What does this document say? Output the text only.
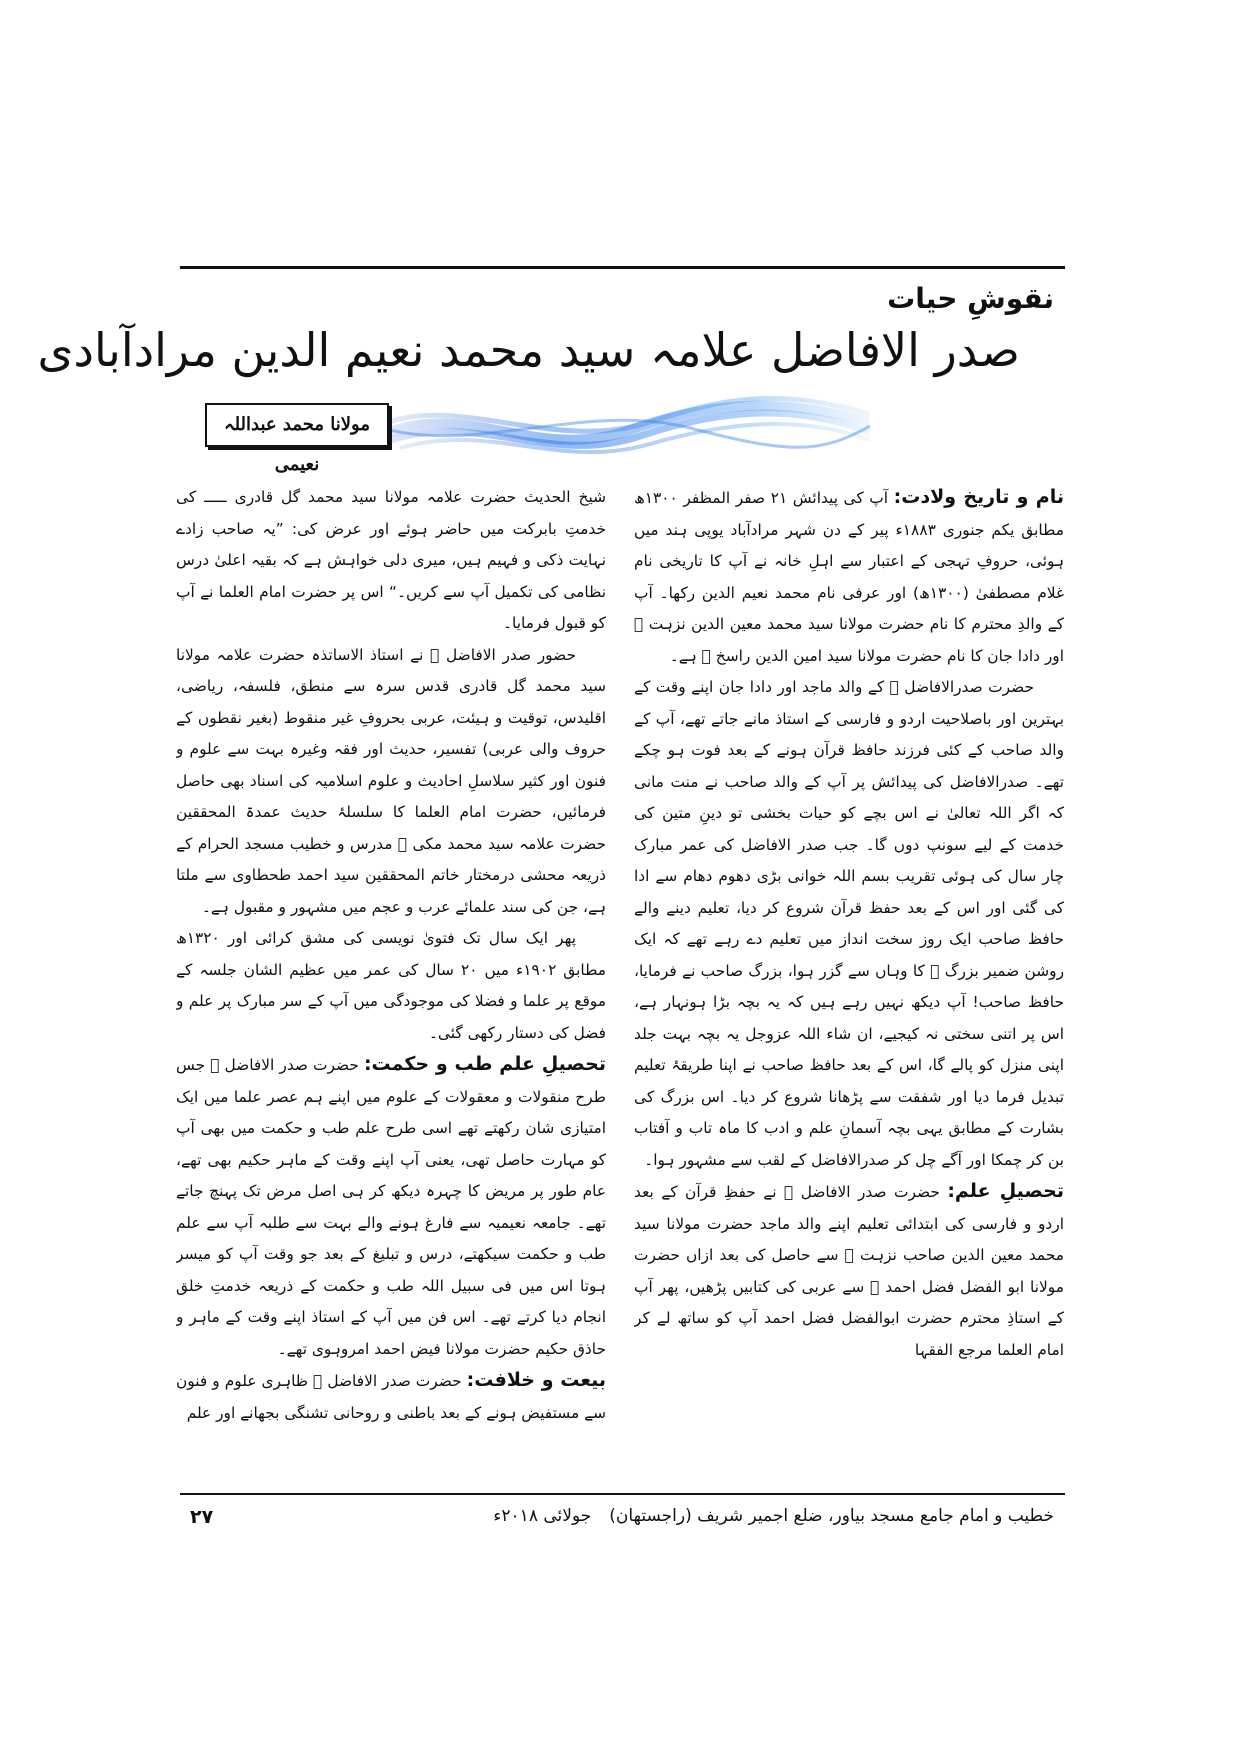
نقوشِ حیات
صدر الافاضل علامہ سید محمد نعیم الدین مرادآبادی
مولانا محمد عبداللہ نعیمی

نام و تاریخ ولادت: آپ کی پیدائش ۲۱ صفر المظفر ۱۳۰۰ھ مطابق یکم جنوری ۱۸۸۳ء پیر کے دن شہر مرادآباد یوپی ہند میں ہوئی، حروفِ تہجی کے اعتبار سے اہلِ خانہ نے آپ کا تاریخی نام غلام مصطفیٰ (۱۳۰۰ھ) اور عرفی نام محمد نعیم الدین رکھا۔ آپ کے والدِ محترم کا نام حضرت مولانا سید محمد معین الدین نزہت ﷫ اور دادا جان کا نام حضرت مولانا سید امین الدین راسخ ﷫ ہے۔

حضرت صدرالافاضل ﷫ کے والد ماجد اور دادا جان اپنے وقت کے بہترین اور باصلاحیت اردو و فارسی کے استاذ مانے جاتے تھے، آپ کے والد صاحب کے کئی فرزند حافظ قرآن ہونے کے بعد فوت ہو چکے تھے۔ صدرالافاضل کی پیدائش پر آپ کے والد صاحب نے منت مانی کہ اگر اللہ تعالیٰ نے اس بچے کو حیات بخشی تو دینِ متین کی خدمت کے لیے سونپ دوں گا۔ جب صدر الافاضل کی عمر مبارک چار سال کی ہوئی تقریب بسم اللہ خوانی بڑی دھوم دھام سے ادا کی گئی اور اس کے بعد حفظ قرآن شروع کر دیا، تعلیم دینے والے حافظ صاحب ایک روز سخت انداز میں تعلیم دے رہے تھے کہ ایک روشن ضمیر بزرگ ﷫ کا وہاں سے گزر ہوا، بزرگ صاحب نے فرمایا، حافظ صاحب! آپ دیکھ نہیں رہے ہیں کہ یہ بچہ بڑا ہونہار ہے، اس پر اتنی سختی نہ کیجیے، ان شاء اللہ عزوجل یہ بچہ بہت جلد اپنی منزل کو پالے گا، اس کے بعد حافظ صاحب نے اپنا طریقۂ تعلیم تبدیل فرما دیا اور شفقت سے پڑھانا شروع کر دیا۔ اس بزرگ کی بشارت کے مطابق یہی بچہ آسمانِ علم و ادب کا ماہ تاب و آفتاب بن کر چمکا اور آگے چل کر صدرالافاضل کے لقب سے مشہور ہوا۔

تحصیلِ علم: حضرت صدر الافاضل ﷫ نے حفظِ قرآن کے بعد اردو و فارسی کی ابتدائی تعلیم اپنے والد ماجد حضرت مولانا سید محمد معین الدین صاحب نزہت ﷫ سے حاصل کی بعد ازاں حضرت مولانا ابو الفضل فضل احمد ﷫ سے عربی کی کتابیں پڑھیں، پھر آپ کے استاذِ محترم حضرت ابوالفضل فضل احمد آپ کو ساتھ لے کر امام العلما مرجع الفقہا

شیخ الحدیث حضرت علامہ مولانا سید محمد گل قادری ـــــ کی خدمتِ بابرکت میں حاضر ہوئے اور عرض کی: ”یہ صاحب زادے نہایت ذکی و فہیم ہیں، میری دلی خواہش ہے کہ بقیہ اعلیٰ درس نظامی کی تکمیل آپ سے کریں۔“ اس پر حضرت امام العلما نے آپ کو قبول فرمایا۔

حضور صدر الافاضل ﷫ نے استاذ الاساتذہ حضرت علامہ مولانا سید محمد گل قادری قدس سرہ سے منطق، فلسفہ، ریاضی، اقلیدس، توقیت و ہیئت، عربی بحروفِ غیر منقوط (بغیر نقطوں کے حروف والی عربی) تفسیر، حدیث اور فقہ وغیرہ بہت سے علوم و فنون اور کثیر سلاسلِ احادیث و علوم اسلامیہ کی اسناد بھی حاصل فرمائیں، حضرت امام العلما کا سلسلۂ حدیث عمدۃ المحققین حضرت علامہ سید محمد مکی ﷫ مدرس و خطیب مسجد الحرام کے ذریعہ محشی درمختار خاتم المحققین سید احمد طحطاوی سے ملتا ہے، جن کی سند علمائے عرب و عجم میں مشہور و مقبول ہے۔

پھر ایک سال تک فتویٰ نویسی کی مشق کرائی اور ۱۳۲۰ھ مطابق ۱۹۰۲ء میں ۲۰ سال کی عمر میں عظیم الشان جلسہ کے موقع پر علما و فضلا کی موجودگی میں آپ کے سر مبارک پر علم و فضل کی دستار رکھی گئی۔

تحصیلِ علم طب و حکمت: حضرت صدر الافاضل ﷫ جس طرح منقولات و معقولات کے علوم میں اپنے ہم عصر علما میں ایک امتیازی شان رکھتے تھے اسی طرح علم طب و حکمت میں بھی آپ کو مہارت حاصل تھی، یعنی آپ اپنے وقت کے ماہر حکیم بھی تھے، عام طور پر مریض کا چہرہ دیکھ کر ہی اصل مرض تک پہنچ جاتے تھے۔ جامعہ نعیمیہ سے فارغ ہونے والے بہت سے طلبہ آپ سے علم طب و حکمت سیکھتے، درس و تبلیغ کے بعد جو وقت آپ کو میسر ہوتا اس میں فی سبیل اللہ طب و حکمت کے ذریعہ خدمتِ خلق انجام دیا کرتے تھے۔ اس فن میں آپ کے استاذ اپنے وقت کے ماہر و حاذق حکیم حضرت مولانا فیض احمد امروہوی تھے۔

بیعت و خلافت: حضرت صدر الافاضل ﷫ ظاہری علوم و فنون سے مستفیض ہونے کے بعد باطنی و روحانی تشنگی بجھانے اور علم

خطیب و امام جامع مسجد بیاور، ضلع اجمیر شریف (راجستھان)جولائی ۲۰۱۸ء
۲۷
